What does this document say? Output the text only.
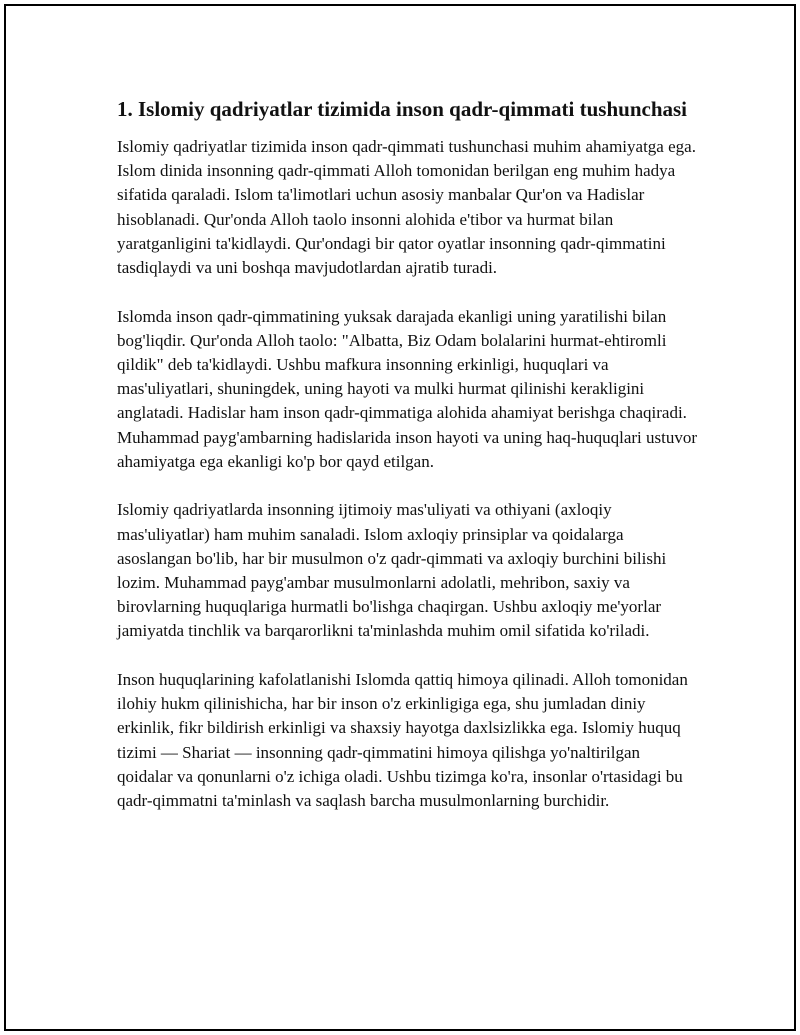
1. Islomiy qadriyatlar tizimida inson qadr-qimmati tushunchasi

Islomiy qadriyatlar tizimida inson qadr-qimmati tushunchasi muhim ahamiyatga ega. Islom dinida insonning qadr-qimmati Alloh tomonidan berilgan eng muhim hadya sifatida qaraladi. Islom ta'limotlari uchun asosiy manbalar Qur'on va Hadislar hisoblanadi. Qur'onda Alloh taolo insonni alohida e'tibor va hurmat bilan yaratganligini ta'kidlaydi. Qur'ondagi bir qator oyatlar insonning qadr-qimmatini tasdiqlaydi va uni boshqa mavjudotlardan ajratib turadi.

Islomda inson qadr-qimmatining yuksak darajada ekanligi uning yaratilishi bilan bog'liqdir. Qur'onda Alloh taolo: "Albatta, Biz Odam bolalarini hurmat-ehtiromli qildik" deb ta'kidlaydi. Ushbu mafkura insonning erkinligi, huquqlari va mas'uliyatlari, shuningdek, uning hayoti va mulki hurmat qilinishi kerakligini anglatadi. Hadislar ham inson qadr-qimmatiga alohida ahamiyat berishga chaqiradi. Muhammad payg'ambarning hadislarida inson hayoti va uning haq-huquqlari ustuvor ahamiyatga ega ekanligi ko'p bor qayd etilgan.

Islomiy qadriyatlarda insonning ijtimoiy mas'uliyati va othiyani (axloqiy mas'uliyatlar) ham muhim sanaladi. Islom axloqiy prinsiplar va qoidalarga asoslangan bo'lib, har bir musulmon o'z qadr-qimmati va axloqiy burchini bilishi lozim. Muhammad payg'ambar musulmonlarni adolatli, mehribon, saxiy va birovlarning huquqlariga hurmatli bo'lishga chaqirgan. Ushbu axloqiy me'yorlar jamiyatda tinchlik va barqarorlikni ta'minlashda muhim omil sifatida ko'riladi.

Inson huquqlarining kafolatlanishi Islomda qattiq himoya qilinadi. Alloh tomonidan ilohiy hukm qilinishicha, har bir inson o'z erkinligiga ega, shu jumladan diniy erkinlik, fikr bildirish erkinligi va shaxsiy hayotga daxlsizlikka ega. Islomiy huquq tizimi — Shariat — insonning qadr-qimmatini himoya qilishga yo'naltirilgan qoidalar va qonunlarni o'z ichiga oladi. Ushbu tizimga ko'ra, insonlar o'rtasidagi bu qadr-qimmatni ta'minlash va saqlash barcha musulmonlarning burchidir.
